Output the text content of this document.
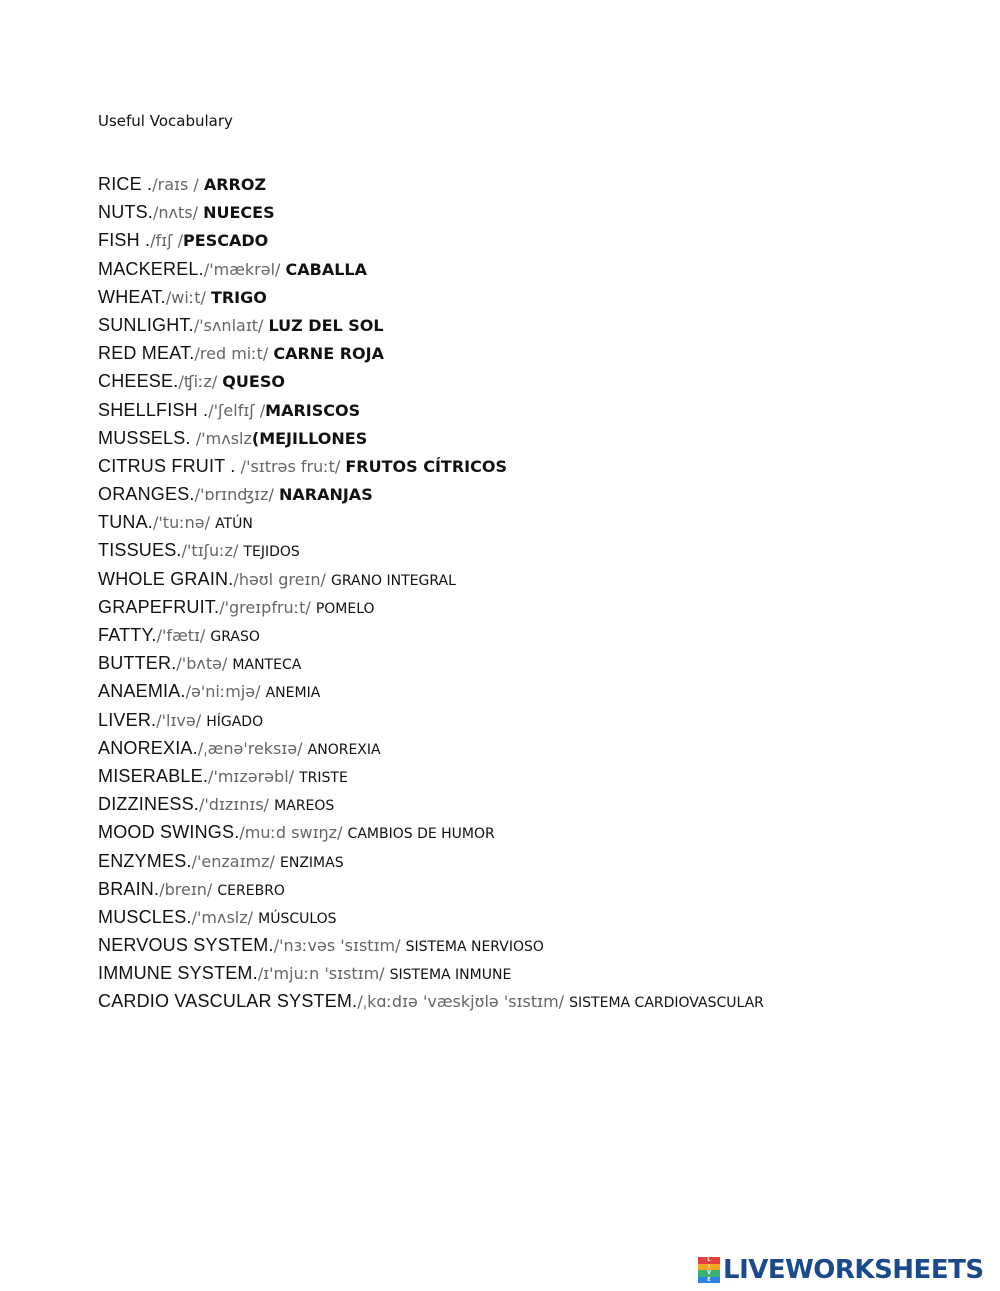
Useful Vocabulary
RICE ./raɪs / ARROZ
NUTS./nʌts/ NUECES
FISH ./fɪʃ /PESCADO
MACKEREL./'mækrəl/ CABALLA
WHEAT./wiːt/ TRIGO
SUNLIGHT./'sʌnlaɪt/ LUZ DEL SOL
RED MEAT./red miːt/ CARNE ROJA
CHEESE./ʧiːz/ QUESO
SHELLFISH ./'ʃelfɪʃ /MARISCOS
MUSSELS. /'mʌslz(MEJILLONES
CITRUS FRUIT . /'sɪtrəs fruːt/ FRUTOS CÍTRICOS
ORANGES./'ɒrɪnʤɪz/ NARANJAS
TUNA./'tuːnə/ ATÚN
TISSUES./'tɪʃuːz/ TEJIDOS
WHOLE GRAIN./həʊl greɪn/ GRANO INTEGRAL
GRAPEFRUIT./'greɪpfruːt/ POMELO
FATTY./'fætɪ/ GRASO
BUTTER./'bʌtə/ MANTECA
ANAEMIA./ə'niːmjə/ ANEMIA
LIVER./'lɪvə/ HÍGADO
ANOREXIA./ˌænə'reksɪə/ ANOREXIA
MISERABLE./'mɪzərəbl/ TRISTE
DIZZINESS./'dɪzɪnɪs/ MAREOS
MOOD SWINGS./muːd swɪŋz/ CAMBIOS DE HUMOR
ENZYMES./'enzaɪmz/ ENZIMAS
BRAIN./breɪn/ CEREBRO
MUSCLES./'mʌslz/ MÚSCULOS
NERVOUS SYSTEM./'nɜːvəs 'sɪstɪm/ SISTEMA NERVIOSO
IMMUNE SYSTEM./ɪ'mjuːn 'sɪstɪm/ SISTEMA INMUNE
CARDIO VASCULAR SYSTEM./ˌkɑːdɪə 'væskjʊlə 'sɪstɪm/ SISTEMA CARDIOVASCULAR
L
I
V
E LIVEWORKSHEETS
